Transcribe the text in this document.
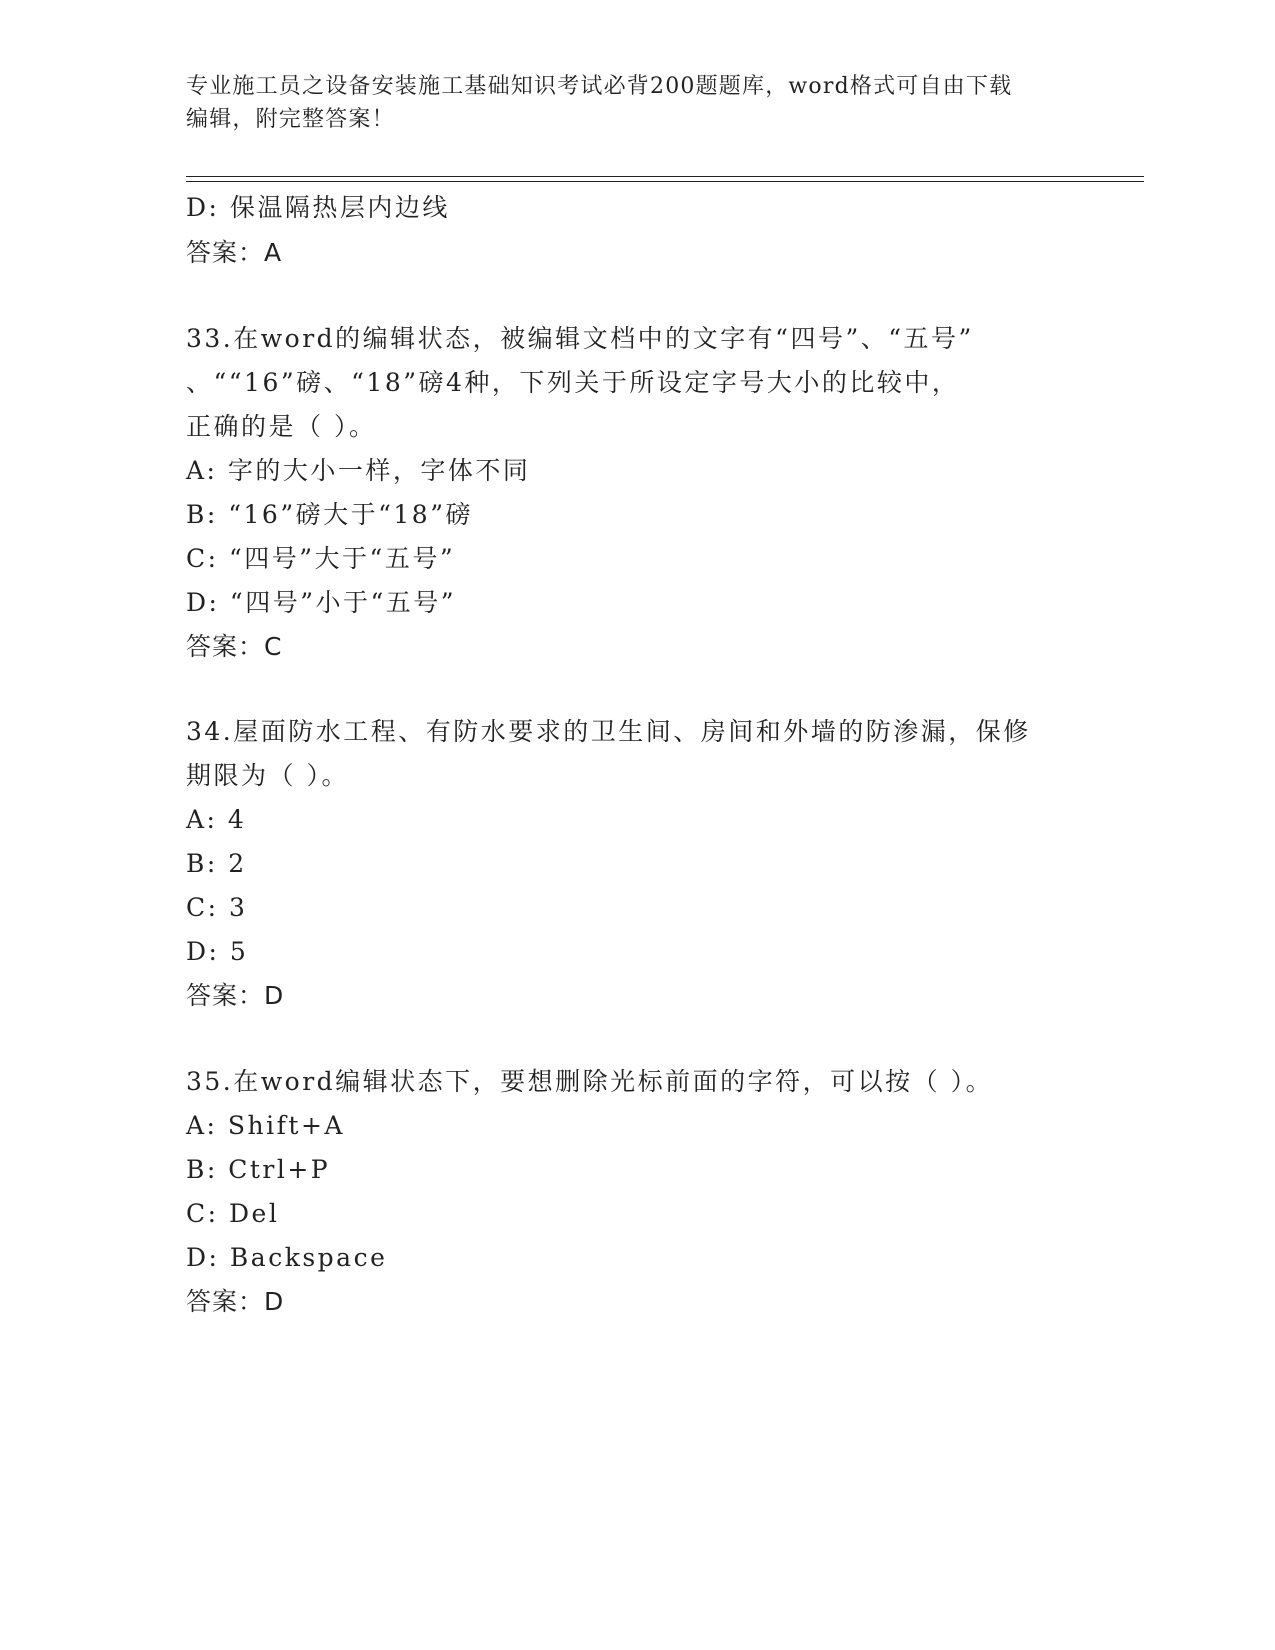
专业施工员之设备安装施工基础知识考试必背200题题库，word格式可自由下载
编辑，附完整答案！
D: 保温隔热层内边线
答案：A
33.在word的编辑状态，被编辑文档中的文字有“四号”、“五号”
、““16”磅、“18”磅4种，下列关于所设定字号大小的比较中，
正确的是（ ）。
A: 字的大小一样，字体不同
B: “16”磅大于“18”磅
C: “四号”大于“五号”
D: “四号”小于“五号”
答案：C
34.屋面防水工程、有防水要求的卫生间、房间和外墙的防渗漏，保修
期限为（ ）。
A: 4
B: 2
C: 3
D: 5
答案：D
35.在word编辑状态下，要想删除光标前面的字符，可以按（ ）。
A: Shift+A
B: Ctrl+P
C: Del
D: Backspace
答案：D
